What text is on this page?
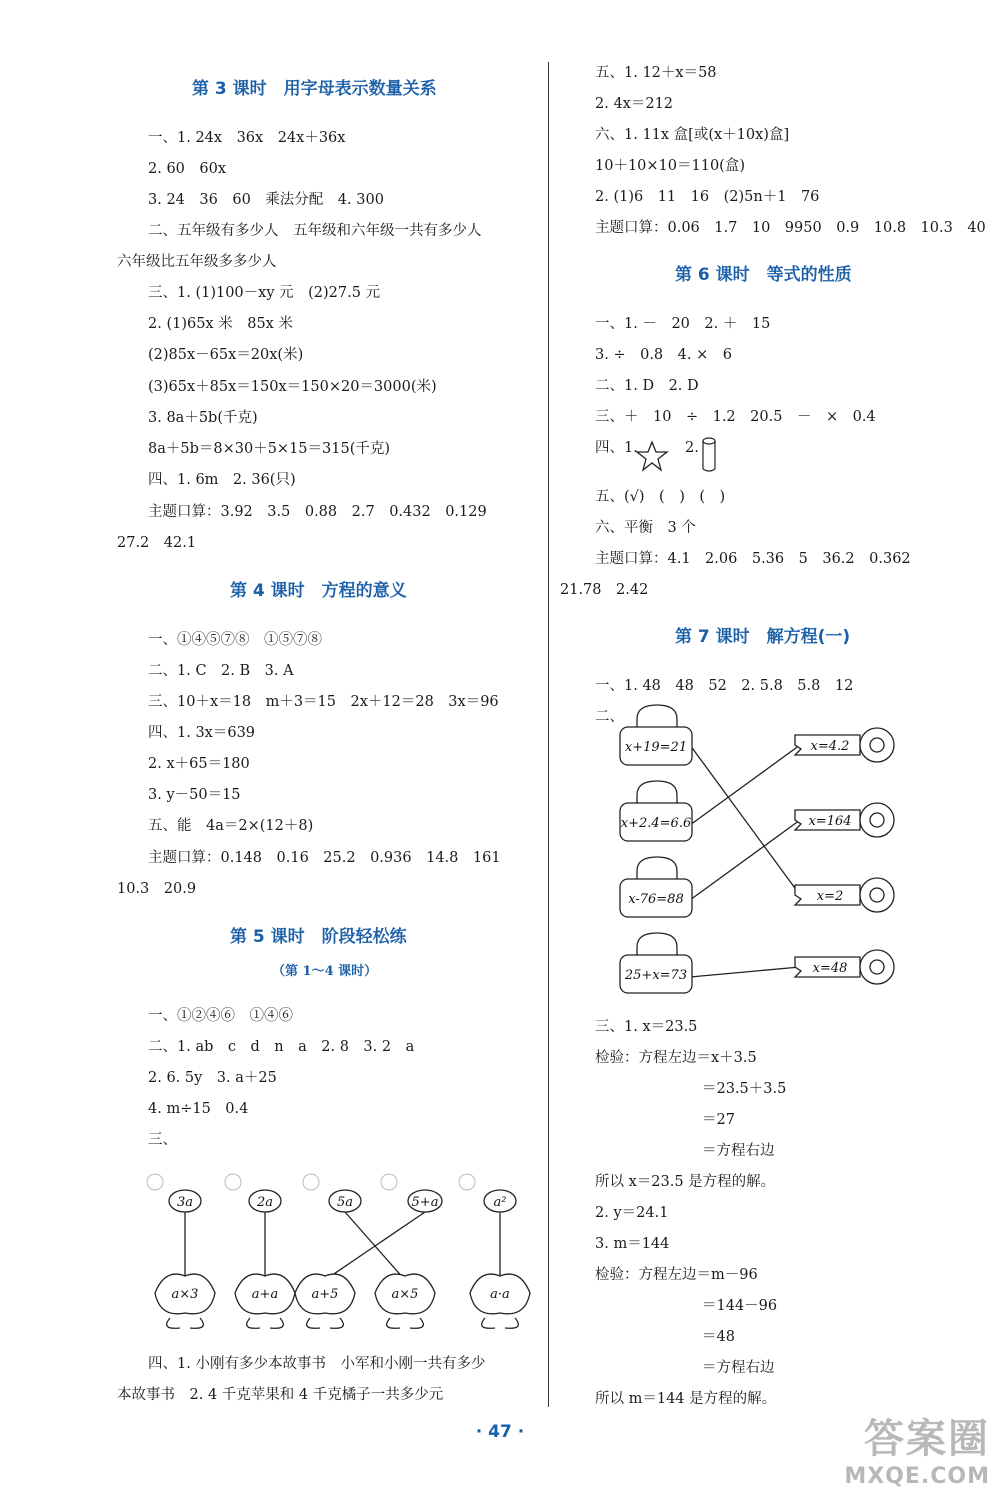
第 3 课时　用字母表示数量关系
一、1. 24x　36x　24x＋36x
2. 60　60x
3. 24　36　60　乘法分配　4. 300
二、五年级有多少人　五年级和六年级一共有多少人
六年级比五年级多多少人
三、1. (1)100－xy 元　(2)27.5 元
2. (1)65x 米　85x 米
(2)85x－65x＝20x(米)
(3)65x＋85x＝150x＝150×20＝3000(米)
3. 8a＋5b(千克)
8a＋5b＝8×30＋5×15＝315(千克)
四、1. 6m　2. 36(只)
主题口算：3.92　3.5　0.88　2.7　0.432　0.129
27.2　42.1
第 4 课时　方程的意义
一、①④⑤⑦⑧　①⑤⑦⑧
二、1. C　2. B　3. A
三、10＋x＝18　m＋3＝15　2x＋12＝28　3x＝96
四、1. 3x＝639
2. x＋65＝180
3. y－50＝15
五、能　4a＝2×(12＋8)
主题口算：0.148　0.16　25.2　0.936　14.8　161
10.3　20.9
第 5 课时　阶段轻松练
（第 1～4 课时）
一、①②④⑥　①④⑥
二、1. ab　c　d　n　a　2. 8　3. 2　a
2. 6. 5y　3. a＋25
4. m÷15　0.4
三、
3a	2a	5a	5+a	a²
a×3	a+a	a+5	a×5	a·a
四、1. 小刚有多少本故事书　小军和小刚一共有多少
本故事书　2. 4 千克苹果和 4 千克橘子一共多少元
五、1. 12＋x＝58
2. 4x＝212
六、1. 11x 盒[或(x＋10x)盒]
10＋10×10＝110(盒)
2. (1)6　11　16　(2)5n＋1　76
主题口算：0.06　1.7　10　9950　0.9　10.8　10.3　40
第 6 课时　等式的性质
一、1. －　20　2. ＋　15
3. ÷　0.8　4. ×　6
二、1. D　2. D
三、＋　10　÷　1.2　20.5　－　×　0.4
四、1.	2.
五、(√)　(　)　(　)
六、平衡　3 个
主题口算：4.1　2.06　5.36　5　36.2　0.362
21.78　2.42
第 7 课时　解方程(一)
一、1. 48　48　52　2. 5.8　5.8　12
二、
x+19=21
x+2.4=6.6
x-76=88
25+x=73
x=4.2
x=164
x=2
x=48
三、1. x＝23.5
检验：方程左边＝x＋3.5
＝23.5＋3.5
＝27
＝方程右边
所以 x＝23.5 是方程的解。
2. y＝24.1
3. m＝144
检验：方程左边＝m－96
＝144－96
＝48
＝方程右边
所以 m＝144 是方程的解。
· 47 ·	答案圈
MXQE.COM
